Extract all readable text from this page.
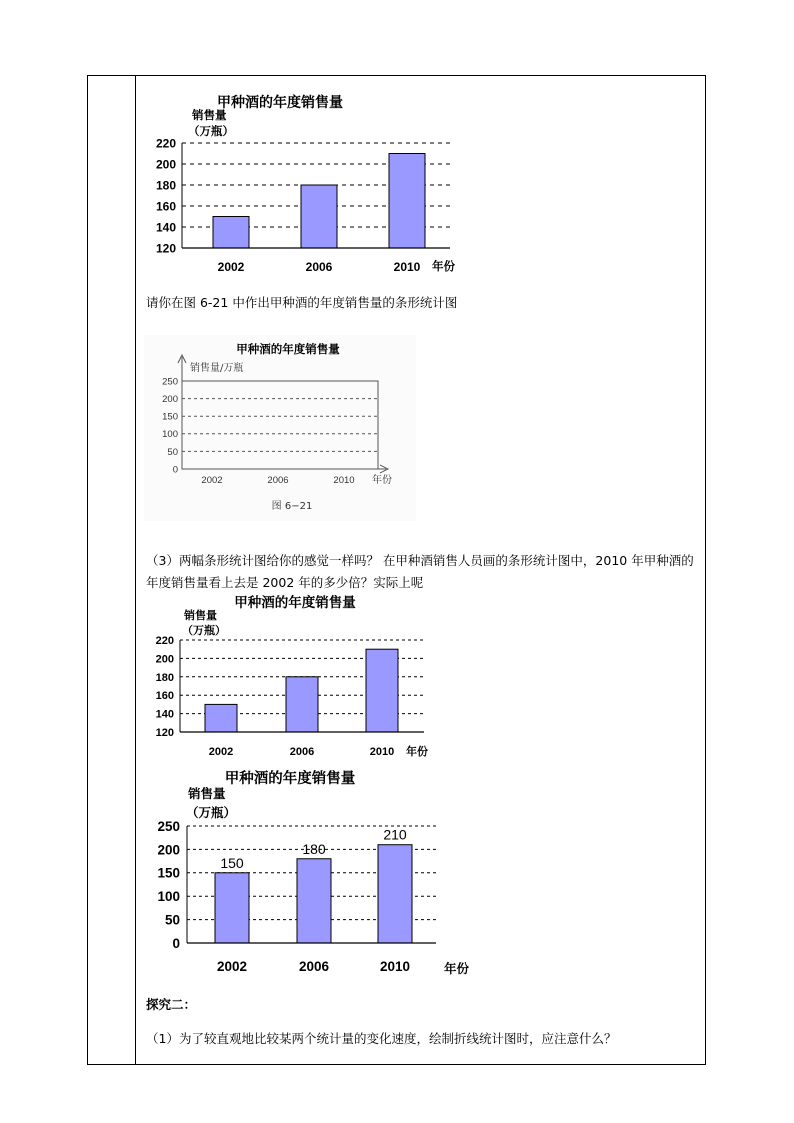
甲种酒的年度销售量
销售量
（万瓶）
220
200
180
160
140
120
2002	2006	2010 年份
请你在图 6-21 中作出甲种酒的年度销售量的条形统计图
甲种酒的年度销售量
销售量/万瓶
250
200
150
100
50
0
2002	2006	2010 年份
图 6−21
（3）两幅条形统计图给你的感觉一样吗？ 在甲种酒销售人员画的条形统计图中，2010 年甲种酒的年度销售量看上去是 2002 年的多少倍？实际上呢
甲种酒的年度销售量
销售量
（万瓶）
220
200
180
160
140
120
2002	2006	2010 年份
甲种酒的年度销售量
销售量
（万瓶）
250
200
150
100
50
0
150
180
210
2002	2006	2010	年份
探究二：
（1）为了较直观地比较某两个统计量的变化速度，绘制折线统计图时，应注意什么？
